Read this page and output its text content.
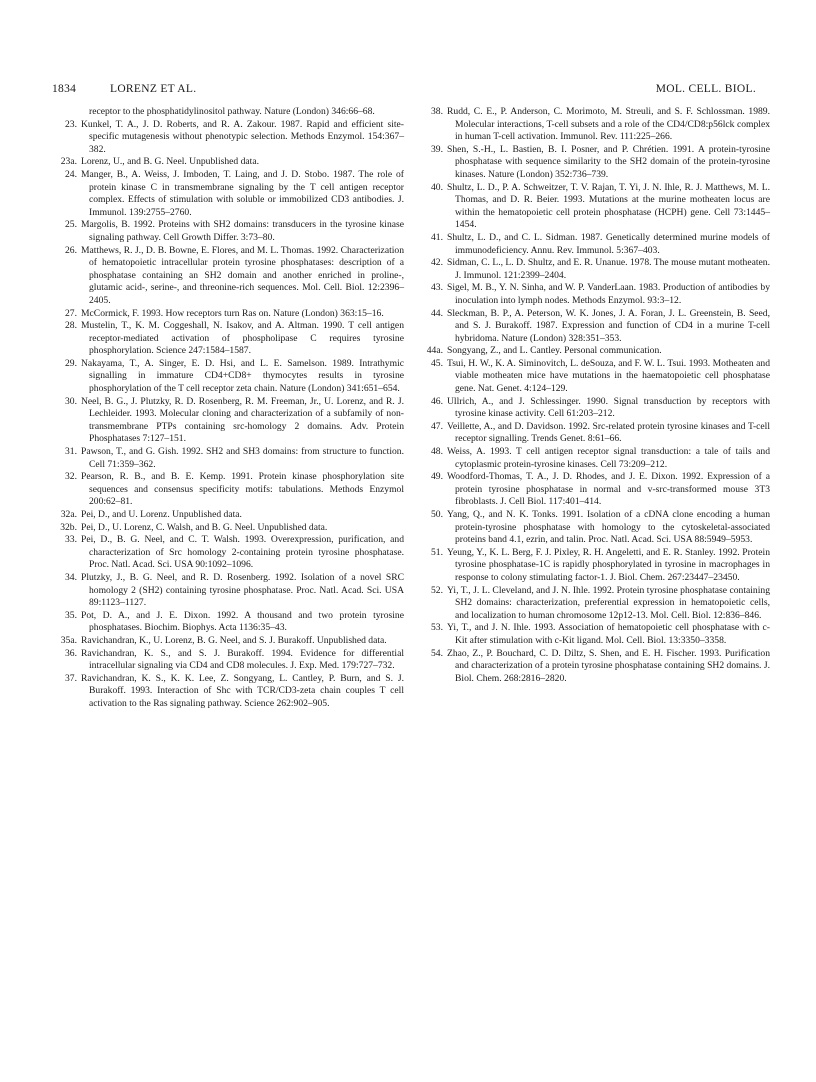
1834	LORENZ ET AL.	MOL. CELL. BIOL.
receptor to the phosphatidylinositol pathway. Nature (London) 346:66–68.
23. Kunkel, T. A., J. D. Roberts, and R. A. Zakour. 1987. Rapid and efficient site-specific mutagenesis without phenotypic selection. Methods Enzymol. 154:367–382.
23a. Lorenz, U., and B. G. Neel. Unpublished data.
24. Manger, B., A. Weiss, J. Imboden, T. Laing, and J. D. Stobo. 1987. The role of protein kinase C in transmembrane signaling by the T cell antigen receptor complex. Effects of stimulation with soluble or immobilized CD3 antibodies. J. Immunol. 139:2755–2760.
25. Margolis, B. 1992. Proteins with SH2 domains: transducers in the tyrosine kinase signaling pathway. Cell Growth Differ. 3:73–80.
26. Matthews, R. J., D. B. Bowne, E. Flores, and M. L. Thomas. 1992. Characterization of hematopoietic intracellular protein tyrosine phosphatases: description of a phosphatase containing an SH2 domain and another enriched in proline-, glutamic acid-, serine-, and threonine-rich sequences. Mol. Cell. Biol. 12:2396–2405.
27. McCormick, F. 1993. How receptors turn Ras on. Nature (London) 363:15–16.
28. Mustelin, T., K. M. Coggeshall, N. Isakov, and A. Altman. 1990. T cell antigen receptor-mediated activation of phospholipase C requires tyrosine phosphorylation. Science 247:1584–1587.
29. Nakayama, T., A. Singer, E. D. Hsi, and L. E. Samelson. 1989. Intrathymic signalling in immature CD4+CD8+ thymocytes results in tyrosine phosphorylation of the T cell receptor zeta chain. Nature (London) 341:651–654.
30. Neel, B. G., J. Plutzky, R. D. Rosenberg, R. M. Freeman, Jr., U. Lorenz, and R. J. Lechleider. 1993. Molecular cloning and characterization of a subfamily of non-transmembrane PTPs containing src-homology 2 domains. Adv. Protein Phosphatases 7:127–151.
31. Pawson, T., and G. Gish. 1992. SH2 and SH3 domains: from structure to function. Cell 71:359–362.
32. Pearson, R. B., and B. E. Kemp. 1991. Protein kinase phosphorylation site sequences and consensus specificity motifs: tabulations. Methods Enzymol 200:62–81.
32a. Pei, D., and U. Lorenz. Unpublished data.
32b. Pei, D., U. Lorenz, C. Walsh, and B. G. Neel. Unpublished data.
33. Pei, D., B. G. Neel, and C. T. Walsh. 1993. Overexpression, purification, and characterization of Src homology 2-containing protein tyrosine phosphatase. Proc. Natl. Acad. Sci. USA 90:1092–1096.
34. Plutzky, J., B. G. Neel, and R. D. Rosenberg. 1992. Isolation of a novel SRC homology 2 (SH2) containing tyrosine phosphatase. Proc. Natl. Acad. Sci. USA 89:1123–1127.
35. Pot, D. A., and J. E. Dixon. 1992. A thousand and two protein tyrosine phosphatases. Biochim. Biophys. Acta 1136:35–43.
35a. Ravichandran, K., U. Lorenz, B. G. Neel, and S. J. Burakoff. Unpublished data.
36. Ravichandran, K. S., and S. J. Burakoff. 1994. Evidence for differential intracellular signaling via CD4 and CD8 molecules. J. Exp. Med. 179:727–732.
37. Ravichandran, K. S., K. K. Lee, Z. Songyang, L. Cantley, P. Burn, and S. J. Burakoff. 1993. Interaction of Shc with TCR/CD3-zeta chain couples T cell activation to the Ras signaling pathway. Science 262:902–905.
38. Rudd, C. E., P. Anderson, C. Morimoto, M. Streuli, and S. F. Schlossman. 1989. Molecular interactions, T-cell subsets and a role of the CD4/CD8:p56lck complex in human T-cell activation. Immunol. Rev. 111:225–266.
39. Shen, S.-H., L. Bastien, B. I. Posner, and P. Chrétien. 1991. A protein-tyrosine phosphatase with sequence similarity to the SH2 domain of the protein-tyrosine kinases. Nature (London) 352:736–739.
40. Shultz, L. D., P. A. Schweitzer, T. V. Rajan, T. Yi, J. N. Ihle, R. J. Matthews, M. L. Thomas, and D. R. Beier. 1993. Mutations at the murine motheaten locus are within the hematopoietic cell protein phosphatase (HCPH) gene. Cell 73:1445–1454.
41. Shultz, L. D., and C. L. Sidman. 1987. Genetically determined murine models of immunodeficiency. Annu. Rev. Immunol. 5:367–403.
42. Sidman, C. L., L. D. Shultz, and E. R. Unanue. 1978. The mouse mutant motheaten. J. Immunol. 121:2399–2404.
43. Sigel, M. B., Y. N. Sinha, and W. P. VanderLaan. 1983. Production of antibodies by inoculation into lymph nodes. Methods Enzymol. 93:3–12.
44. Sleckman, B. P., A. Peterson, W. K. Jones, J. A. Foran, J. L. Greenstein, B. Seed, and S. J. Burakoff. 1987. Expression and function of CD4 in a murine T-cell hybridoma. Nature (London) 328:351–353.
44a. Songyang, Z., and L. Cantley. Personal communication.
45. Tsui, H. W., K. A. Siminovitch, L. deSouza, and F. W. L. Tsui. 1993. Motheaten and viable motheaten mice have mutations in the haematopoietic cell phosphatase gene. Nat. Genet. 4:124–129.
46. Ullrich, A., and J. Schlessinger. 1990. Signal transduction by receptors with tyrosine kinase activity. Cell 61:203–212.
47. Veillette, A., and D. Davidson. 1992. Src-related protein tyrosine kinases and T-cell receptor signalling. Trends Genet. 8:61–66.
48. Weiss, A. 1993. T cell antigen receptor signal transduction: a tale of tails and cytoplasmic protein-tyrosine kinases. Cell 73:209–212.
49. Woodford-Thomas, T. A., J. D. Rhodes, and J. E. Dixon. 1992. Expression of a protein tyrosine phosphatase in normal and v-src-transformed mouse 3T3 fibroblasts. J. Cell Biol. 117:401–414.
50. Yang, Q., and N. K. Tonks. 1991. Isolation of a cDNA clone encoding a human protein-tyrosine phosphatase with homology to the cytoskeletal-associated proteins band 4.1, ezrin, and talin. Proc. Natl. Acad. Sci. USA 88:5949–5953.
51. Yeung, Y., K. L. Berg, F. J. Pixley, R. H. Angeletti, and E. R. Stanley. 1992. Protein tyrosine phosphatase-1C is rapidly phosphorylated in tyrosine in macrophages in response to colony stimulating factor-1. J. Biol. Chem. 267:23447–23450.
52. Yi, T., J. L. Cleveland, and J. N. Ihle. 1992. Protein tyrosine phosphatase containing SH2 domains: characterization, preferential expression in hematopoietic cells, and localization to human chromosome 12p12-13. Mol. Cell. Biol. 12:836–846.
53. Yi, T., and J. N. Ihle. 1993. Association of hematopoietic cell phosphatase with c-Kit after stimulation with c-Kit ligand. Mol. Cell. Biol. 13:3350–3358.
54. Zhao, Z., P. Bouchard, C. D. Diltz, S. Shen, and E. H. Fischer. 1993. Purification and characterization of a protein tyrosine phosphatase containing SH2 domains. J. Biol. Chem. 268:2816–2820.
